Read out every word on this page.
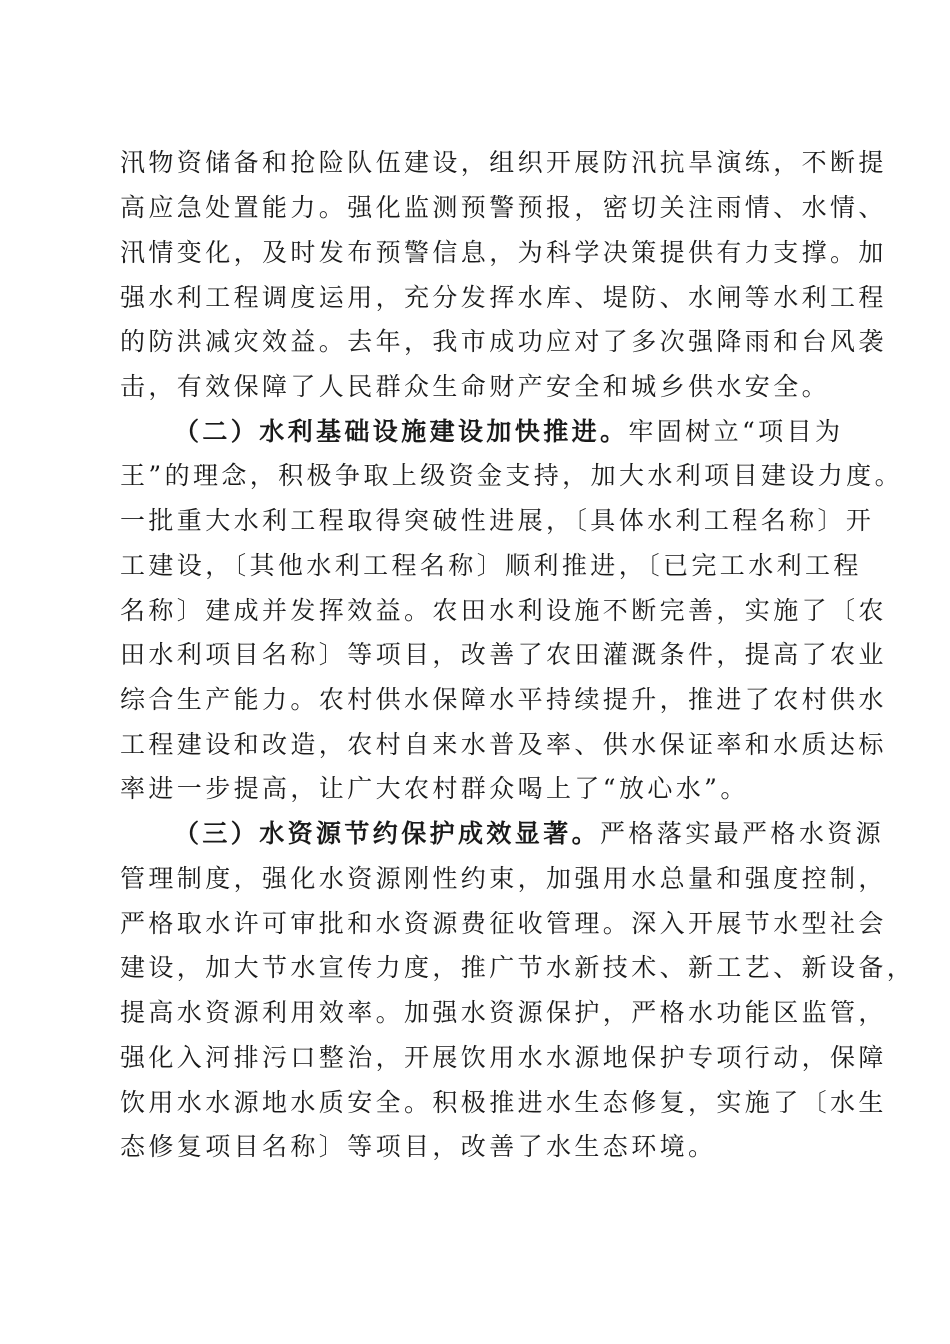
汛物资储备和抢险队伍建设，组织开展防汛抗旱演练，不断提
高应急处置能力。强化监测预警预报，密切关注雨情、水情、
汛情变化，及时发布预警信息，为科学决策提供有力支撑。加
强水利工程调度运用，充分发挥水库、堤防、水闸等水利工程
的防洪减灾效益。去年，我市成功应对了多次强降雨和台风袭
击，有效保障了人民群众生命财产安全和城乡供水安全。
（二）水利基础设施建设加快推进。牢固树立“项目为
王”的理念，积极争取上级资金支持，加大水利项目建设力度。
一批重大水利工程取得突破性进展，〔具体水利工程名称〕开
工建设，〔其他水利工程名称〕顺利推进，〔已完工水利工程
名称〕建成并发挥效益。农田水利设施不断完善，实施了〔农
田水利项目名称〕等项目，改善了农田灌溉条件，提高了农业
综合生产能力。农村供水保障水平持续提升，推进了农村供水
工程建设和改造，农村自来水普及率、供水保证率和水质达标
率进一步提高，让广大农村群众喝上了“放心水”。
（三）水资源节约保护成效显著。严格落实最严格水资源
管理制度，强化水资源刚性约束，加强用水总量和强度控制，
严格取水许可审批和水资源费征收管理。深入开展节水型社会
建设，加大节水宣传力度，推广节水新技术、新工艺、新设备，
提高水资源利用效率。加强水资源保护，严格水功能区监管，
强化入河排污口整治，开展饮用水水源地保护专项行动，保障
饮用水水源地水质安全。积极推进水生态修复，实施了〔水生
态修复项目名称〕等项目，改善了水生态环境。
